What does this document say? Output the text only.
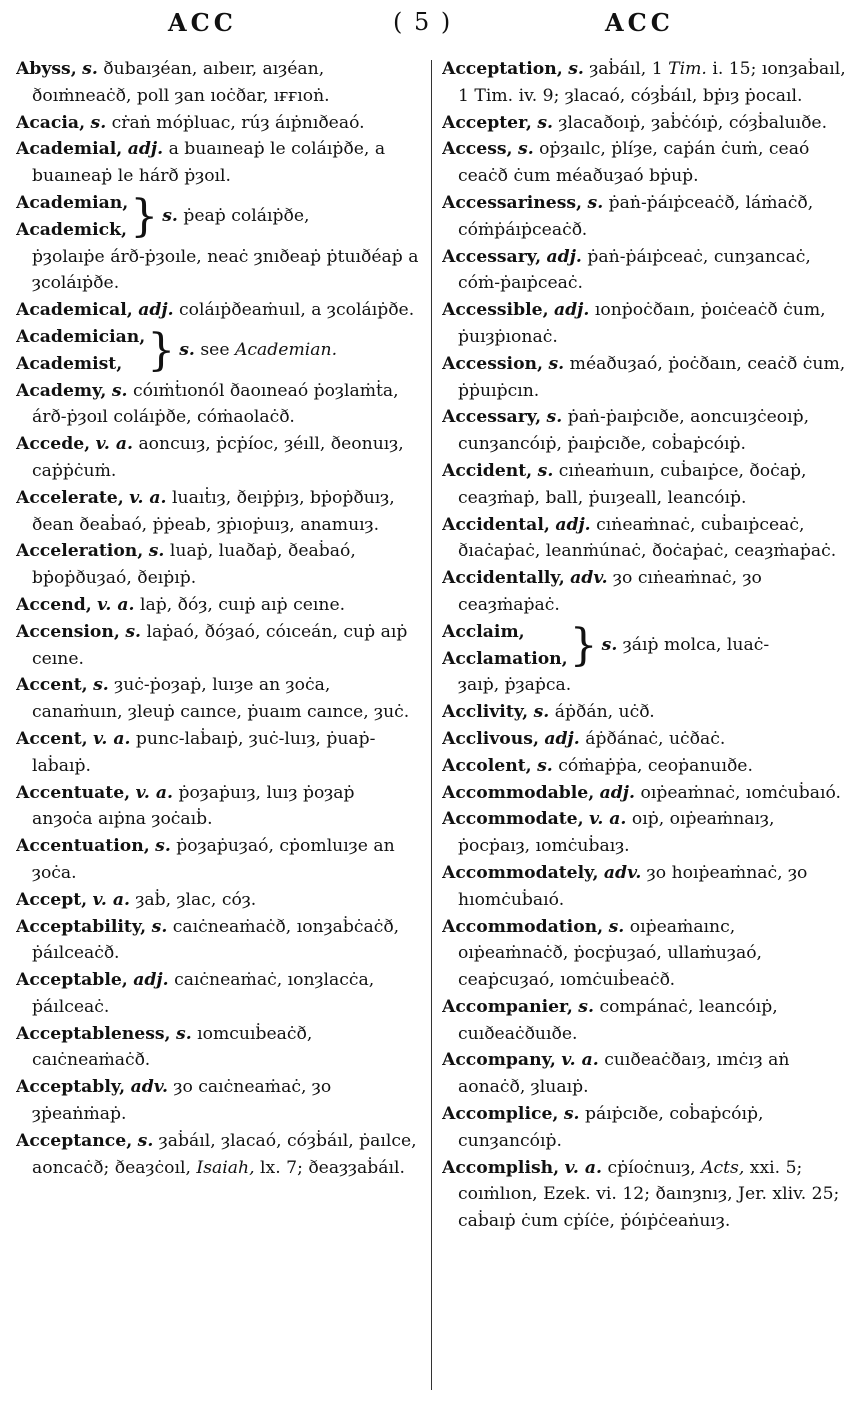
ACC	( 5 )	ACC

Abyss, s. ðubaıȝéan, aıbeır, aıȝéan, ðoıṁneaċð, poll ȝan ıoċðar, ıғғıoṅ.

Acacia, s. cṙaṅ móṗluac, rúȝ áıṗnıðeaó.

Academial, adj. a buaıneaṗ le coláıṗðe, a buaıneaṗ le hárð ṗȝoıl.

Academian,
Academick, } s. ṗeaṗ coláıṗðe,

ṗȝolaıṗe árð-ṗȝoıle, neaċ ȝnıðeaṗ ṗtuıðéaṗ a ȝcoláıṗðe.

Academical, adj. coláıṗðeaṁuıl, a ȝcoláıṗðe.

Academician,
Academist, } s. see Academian.

Academy, s. cóıṁṫıonól ðaoıneaó ṗoȝlaṁṫa, árð-ṗȝoıl coláıṗðe, cóṁaolaċð.

Accede, v. a. aoncuıȝ, ṗcṗíoc, ȝéıll, ðeonuıȝ, caṗṗċuṁ.

Accelerate, v. a. luaıṫıȝ, ðeıṗṗıȝ, bṗoṗðuıȝ, ðean ðeaḃaó, ṗṗeab, ȝṗıoṗuıȝ, anamuıȝ.

Acceleration, s. luaṗ, luaðaṗ, ðeaḃaó, bṗoṗðuȝaó, ðeıṗıṗ.

Accend, v. a. laṗ, ðóȝ, cuıṗ aıṗ ceıne.

Accension, s. laṗaó, ðóȝaó, cóıceán, cuṗ aıṗ ceıne.

Accent, s. ȝuċ-ṗoȝaṗ, luıȝe an ȝoċa, canaṁuın, ȝleuṗ caınce, ṗuaım caınce, ȝuċ.

Accent, v. a. punc-laḃaıṗ, ȝuċ-luıȝ, ṗuaṗ-laḃaıṗ.

Accentuate, v. a. ṗoȝaṗuıȝ, luıȝ ṗoȝaṗ anȝoċa aıṗna ȝoċaıḃ.

Accentuation, s. ṗoȝaṗuȝaó, cṗomluıȝe an ȝoċa.

Accept, v. a. ȝaḃ, ȝlac, cóȝ.

Acceptability, s. caıċneaṁaċð, ıonȝaḃċaċð, ṗáılceaċð.

Acceptable, adj. caıċneaṁaċ, ıonȝlacċa, ṗáılceaċ.

Acceptableness, s. ıomcuıḃeaċð, caıċneaṁaċð.

Acceptably, adv. ȝo caıċneaṁaċ, ȝo ȝṗeaṅṁaṗ.

Acceptance, s. ȝaḃáıl, ȝlacaó, cóȝḃáıl, ṗaılce, aoncaċð; ðeaȝċoıl, Isaiah, lx. 7; ðeaȝȝaḃáıl.

Acceptation, s. ȝaḃáıl, 1 Tim. i. 15; ıonȝaḃaıl, 1 Tim. iv. 9; ȝlacaó, cóȝḃáıl, bṗıȝ ṗocaıl.

Accepter, s. ȝlacaðoıṗ, ȝaḃċóıṗ, cóȝḃaluıðe.

Access, s. oṗȝaılc, ṗlíȝe, caṗán ċuṁ, ceaó ceaċð ċum méaðuȝaó bṗuṗ.

Accessariness, s. ṗaṅ-ṗáıṗceaċð, láṁaċð, cóṁṗáıṗceaċð.

Accessary, adj. ṗaṅ-ṗáıṗceaċ, cunȝancaċ, cóṁ-ṗaıṗceaċ.

Accessible, adj. ıonṗoċðaın, ṗoıċeaċð ċum, ṗuıȝṗıonaċ.

Accession, s. méaðuȝaó, ṗoċðaın, ceaċð ċum, ṗṗuıṗcın.

Accessary, s. ṗaṅ-ṗaıṗcıðe, aoncuıȝċeoıṗ, cunȝancóıṗ, ṗaıṗcıðe, coḃaṗcóıṗ.

Accident, s. cıṅeaṁuın, cuḃaıṗce, ðoċaṗ, ceaȝṁaṗ, ball, ṗuıȝeall, leancóıṗ.

Accidental, adj. cıṅeaṁnaċ, cuḃaıṗceaċ, ðıaċaṗaċ, leanṁúnaċ, ðoċaṗaċ, ceaȝṁaṗaċ.

Accidentally, adv. ȝo cıṅeaṁnaċ, ȝo ceaȝṁaṗaċ.

Acclaim,
Acclamation, } s. ȝáıṗ molca, luaċ-

ȝaıṗ, ṗȝaṗca.

Acclivity, s. áṗðán, uċð.

Acclivous, adj. áṗðánaċ, uċðaċ.

Accolent, s. cóṁaṗṗa, ceoṗanuıðe.

Accommodable, adj. oıṗeaṁnaċ, ıomċuḃaıó.

Accommodate, v. a. oıṗ, oıṗeaṁnaıȝ, ṗocṗaıȝ, ıomċuḃaıȝ.

Accommodately, adv. ȝo hoıṗeaṁnaċ, ȝo hıomċuḃaıó.

Accommodation, s. oıṗeaṁaınc, oıṗeaṁnaċð, ṗocṗuȝaó, ullaṁuȝaó, ceaṗcuȝaó, ıomċuıḃeaċð.

Accompanier, s. compánaċ, leancóıṗ, cuıðeaċðuıðe.

Accompany, v. a. cuıðeaċðaıȝ, ımċıȝ aṅ aonaċð, ȝluaıṗ.

Accomplice, s. páıṗcıðe, coḃaṗcóıṗ, cunȝancóıṗ.

Accomplish, v. a. cṗíoċnuıȝ, Acts, xxi. 5; coıṁlıon, Ezek. vi. 12; ðaınȝnıȝ, Jer. xliv. 25; caḃaıṗ ċum cṗíċe, ṗóıṗċeaṅuıȝ.
